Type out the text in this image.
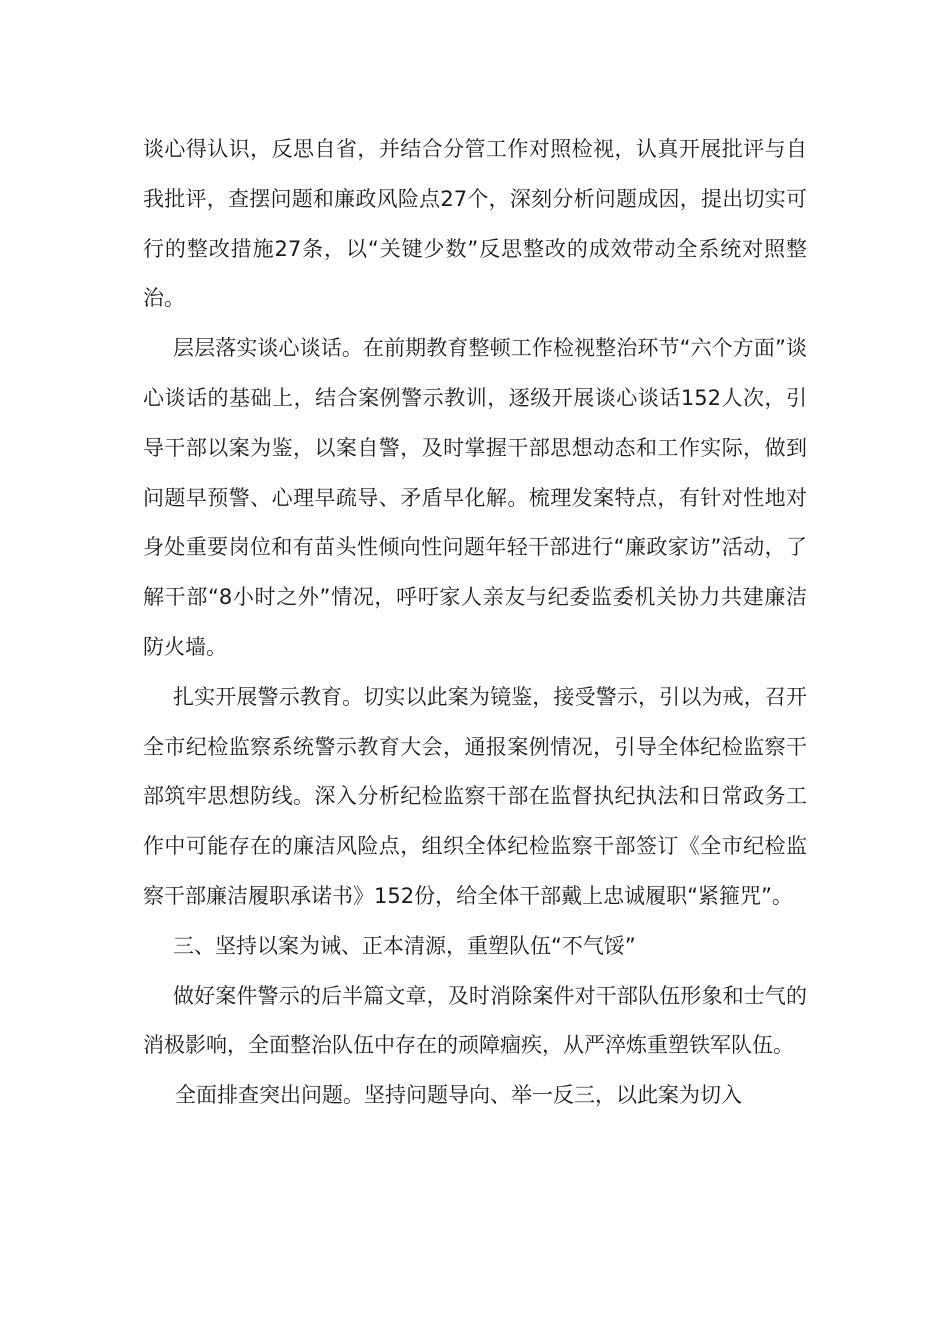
谈心得认识，反思自省，并结合分管工作对照检视，认真开展批评与自我批评，查摆问题和廉政风险点27个，深刻分析问题成因，提出切实可行的整改措施27条，以“关键少数”反思整改的成效带动全系统对照整治。

层层落实谈心谈话。在前期教育整顿工作检视整治环节“六个方面”谈心谈话的基础上，结合案例警示教训，逐级开展谈心谈话152人次，引导干部以案为鉴，以案自警，及时掌握干部思想动态和工作实际，做到问题早预警、心理早疏导、矛盾早化解。梳理发案特点，有针对性地对身处重要岗位和有苗头性倾向性问题年轻干部进行“廉政家访”活动，了解干部“8小时之外”情况，呼吁家人亲友与纪委监委机关协力共建廉洁防火墙。

扎实开展警示教育。切实以此案为镜鉴，接受警示，引以为戒，召开全市纪检监察系统警示教育大会，通报案例情况，引导全体纪检监察干部筑牢思想防线。深入分析纪检监察干部在监督执纪执法和日常政务工作中可能存在的廉洁风险点，组织全体纪检监察干部签订《全市纪检监察干部廉洁履职承诺书》152份，给全体干部戴上忠诚履职“紧箍咒”。

三、坚持以案为诫、正本清源，重塑队伍“不气馁”

做好案件警示的后半篇文章，及时消除案件对干部队伍形象和士气的消极影响，全面整治队伍中存在的顽障痼疾，从严淬炼重塑铁军队伍。

全面排查突出问题。坚持问题导向、举一反三，以此案为切入
